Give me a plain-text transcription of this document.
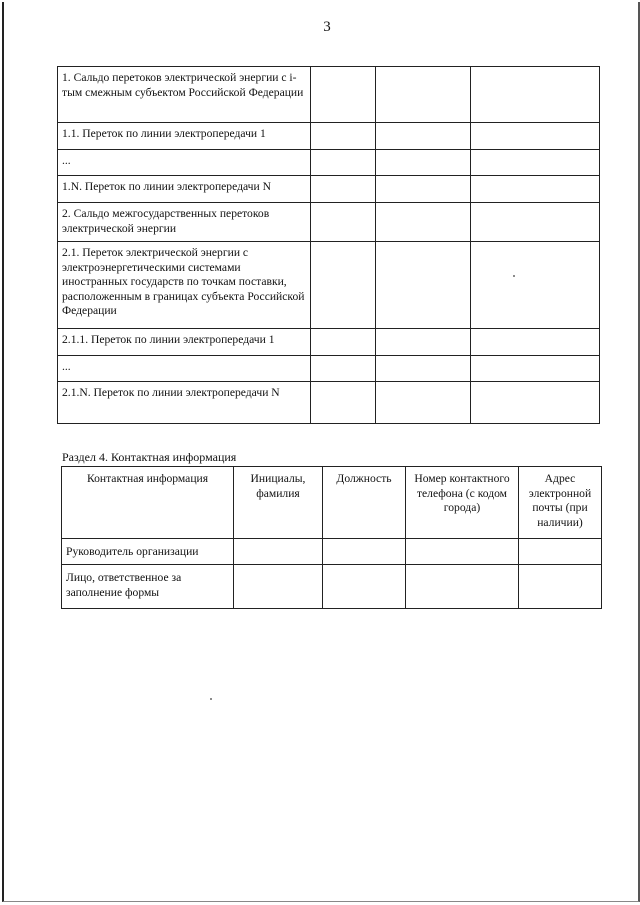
3
1. Сальдо перетоков электрической энергии с i-тым смежным субъектом Российской Федерации			
1.1. Переток по линии электропередачи 1			
...			
1.N. Переток по линии электропередачи N			
2. Сальдо межгосударственных перетоков электрической энергии			
2.1. Переток электрической энергии с электроэнергетическими системами иностранных государств по точкам поставки, расположенным в границах субъекта Российской Федерации			
2.1.1. Переток по линии электропередачи 1			
...			
2.1.N. Переток по линии электропередачи N			
Раздел 4. Контактная информация
Контактная информация	Инициалы, фамилия	Должность	Номер контактного телефона (с кодом города)	Адрес электронной почты (при наличии)
Руководитель организации				
Лицо, ответственное за заполнение формы				
